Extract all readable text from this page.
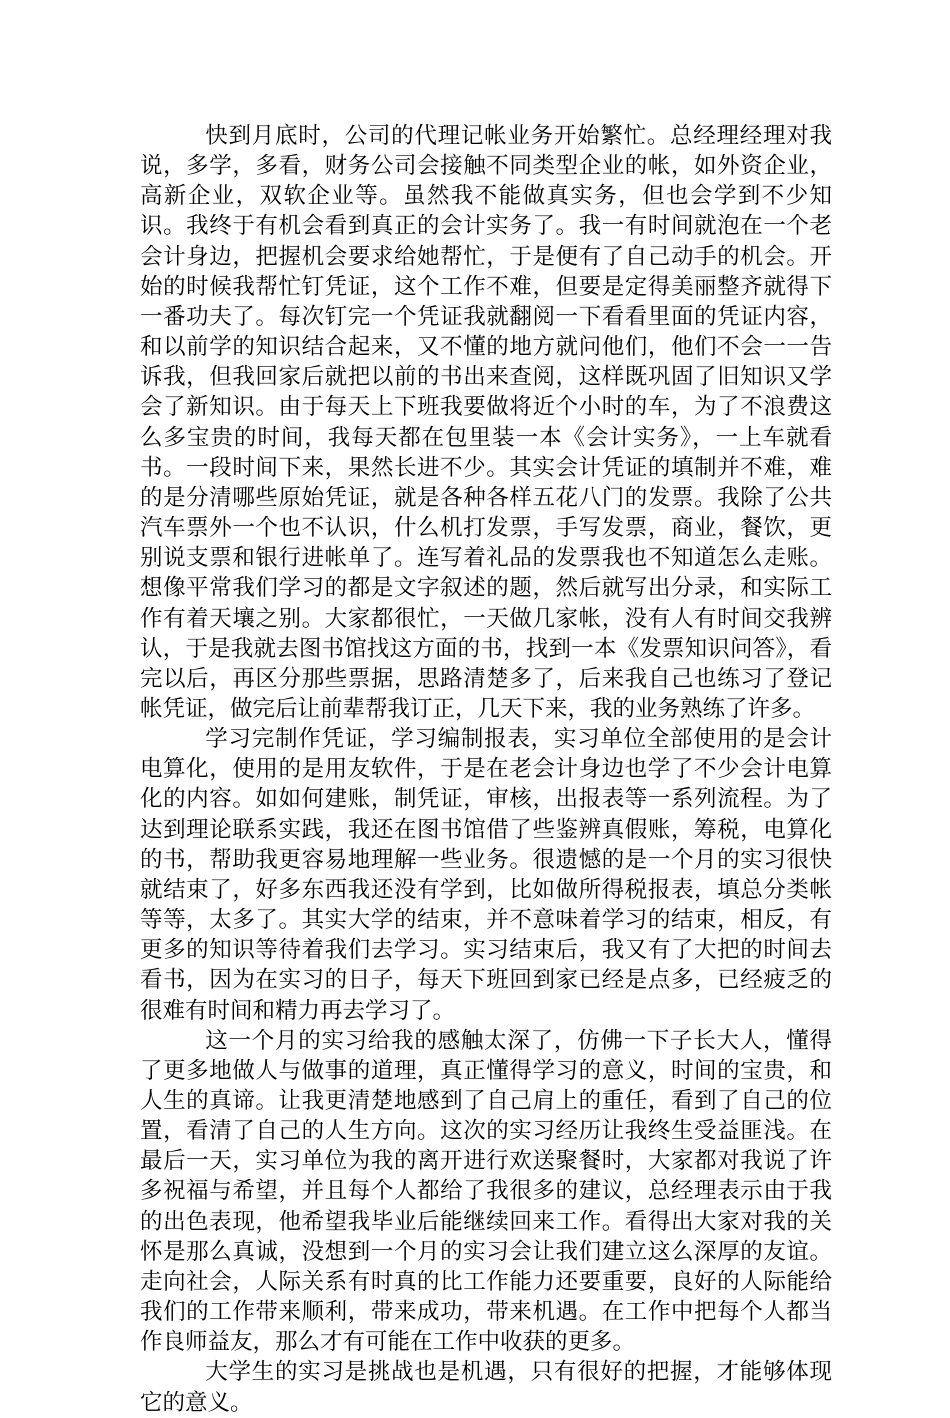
快到月底时，公司的代理记帐业务开始繁忙。总经理经理对我说，多学，多看，财务公司会接触不同类型企业的帐，如外资企业，高新企业，双软企业等。虽然我不能做真实务，但也会学到不少知识。我终于有机会看到真正的会计实务了。我一有时间就泡在一个老会计身边，把握机会要求给她帮忙，于是便有了自己动手的机会。开始的时候我帮忙钉凭证，这个工作不难，但要是定得美丽整齐就得下一番功夫了。每次钉完一个凭证我就翻阅一下看看里面的凭证内容，和以前学的知识结合起来，又不懂的地方就问他们，他们不会一一告诉我，但我回家后就把以前的书出来查阅，这样既巩固了旧知识又学会了新知识。由于每天上下班我要做将近个小时的车，为了不浪费这么多宝贵的时间，我每天都在包里装一本《会计实务》，一上车就看书。一段时间下来，果然长进不少。其实会计凭证的填制并不难，难的是分清哪些原始凭证，就是各种各样五花八门的发票。我除了公共汽车票外一个也不认识，什么机打发票，手写发票，商业，餐饮，更别说支票和银行进帐单了。连写着礼品的发票我也不知道怎么走账。想像平常我们学习的都是文字叙述的题，然后就写出分录，和实际工作有着天壤之别。大家都很忙，一天做几家帐，没有人有时间交我辨认，于是我就去图书馆找这方面的书，找到一本《发票知识问答》，看完以后，再区分那些票据，思路清楚多了，后来我自己也练习了登记帐凭证，做完后让前辈帮我订正，几天下来，我的业务熟练了许多。

学习完制作凭证，学习编制报表，实习单位全部使用的是会计电算化，使用的是用友软件，于是在老会计身边也学了不少会计电算化的内容。如如何建账，制凭证，审核，出报表等一系列流程。为了达到理论联系实践，我还在图书馆借了些鉴辨真假账，筹税，电算化的书，帮助我更容易地理解一些业务。很遗憾的是一个月的实习很快就结束了，好多东西我还没有学到，比如做所得税报表，填总分类帐等等，太多了。其实大学的结束，并不意味着学习的结束，相反，有更多的知识等待着我们去学习。实习结束后，我又有了大把的时间去看书，因为在实习的日子，每天下班回到家已经是点多，已经疲乏的很难有时间和精力再去学习了。

这一个月的实习给我的感触太深了，仿佛一下子长大人，懂得了更多地做人与做事的道理，真正懂得学习的意义，时间的宝贵，和人生的真谛。让我更清楚地感到了自己肩上的重任，看到了自己的位置，看清了自己的人生方向。这次的实习经历让我终生受益匪浅。在最后一天，实习单位为我的离开进行欢送聚餐时，大家都对我说了许多祝福与希望，并且每个人都给了我很多的建议，总经理表示由于我的出色表现，他希望我毕业后能继续回来工作。看得出大家对我的关怀是那么真诚，没想到一个月的实习会让我们建立这么深厚的友谊。走向社会，人际关系有时真的比工作能力还要重要，良好的人际能给我们的工作带来顺利，带来成功，带来机遇。在工作中把每个人都当作良师益友，那么才有可能在工作中收获的更多。

大学生的实习是挑战也是机遇，只有很好的把握，才能够体现它的意义。
